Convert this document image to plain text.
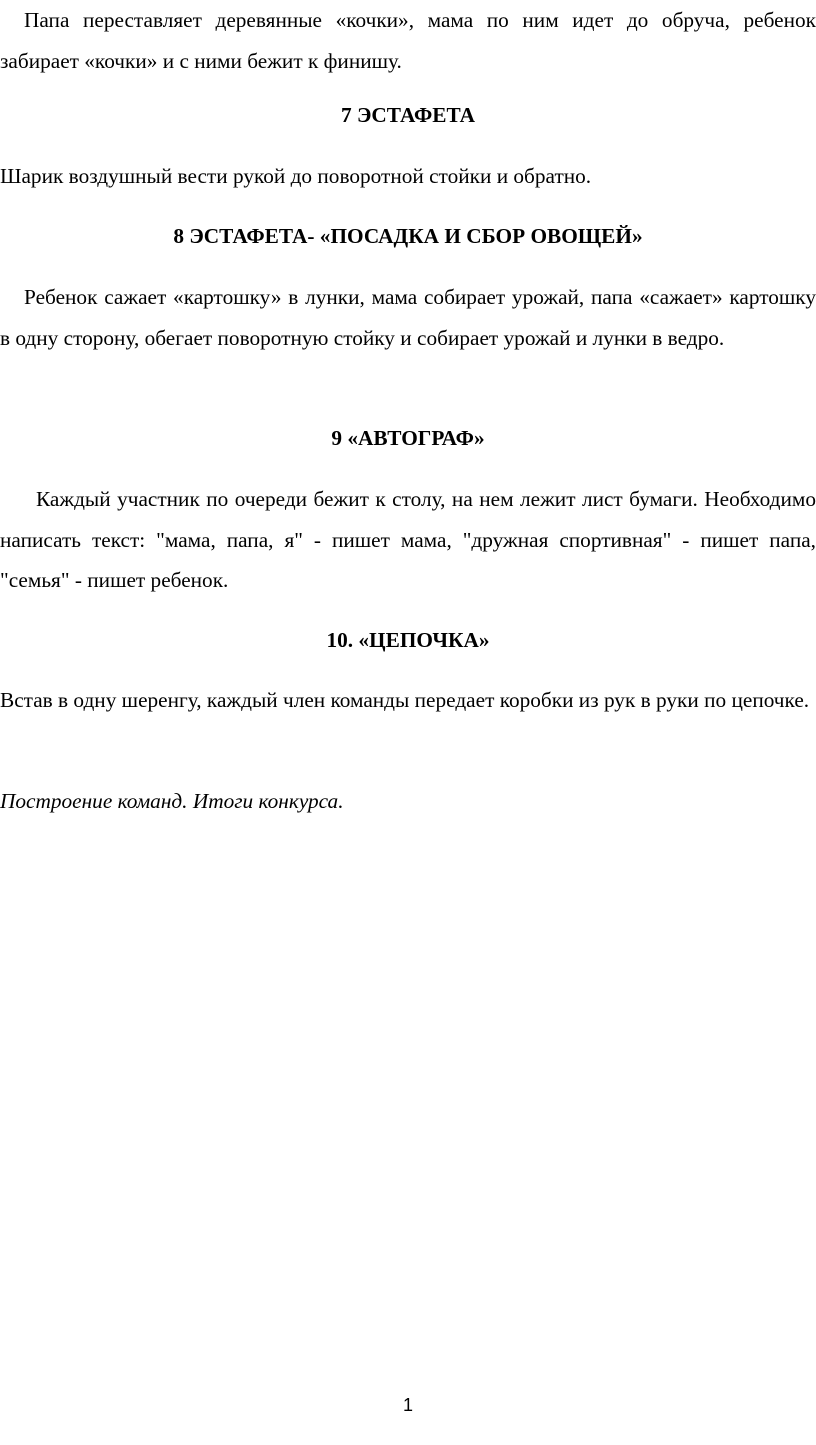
Папа переставляет деревянные «кочки», мама по ним идет до обруча, ребенок забирает «кочки» и с ними бежит к финишу.

7 ЭСТАФЕТА

Шарик воздушный вести рукой до поворотной стойки и обратно.

8 ЭСТАФЕТА- «ПОСАДКА И СБОР ОВОЩЕЙ»

Ребенок сажает «картошку» в лунки, мама собирает урожай, папа «сажает» картошку в одну сторону, обегает поворотную стойку и собирает урожай и лунки в ведро.

9 «АВТОГРАФ»

Каждый участник по очереди бежит к столу, на нем лежит лист бумаги. Необходимо написать текст: "мама, папа, я" - пишет мама, "дружная спортивная" - пишет папа, "семья" - пишет ребенок.

10. «ЦЕПОЧКА»

Встав в одну шеренгу, каждый член команды передает коробки из рук в руки по цепочке.

Построение команд. Итоги конкурса.

1
